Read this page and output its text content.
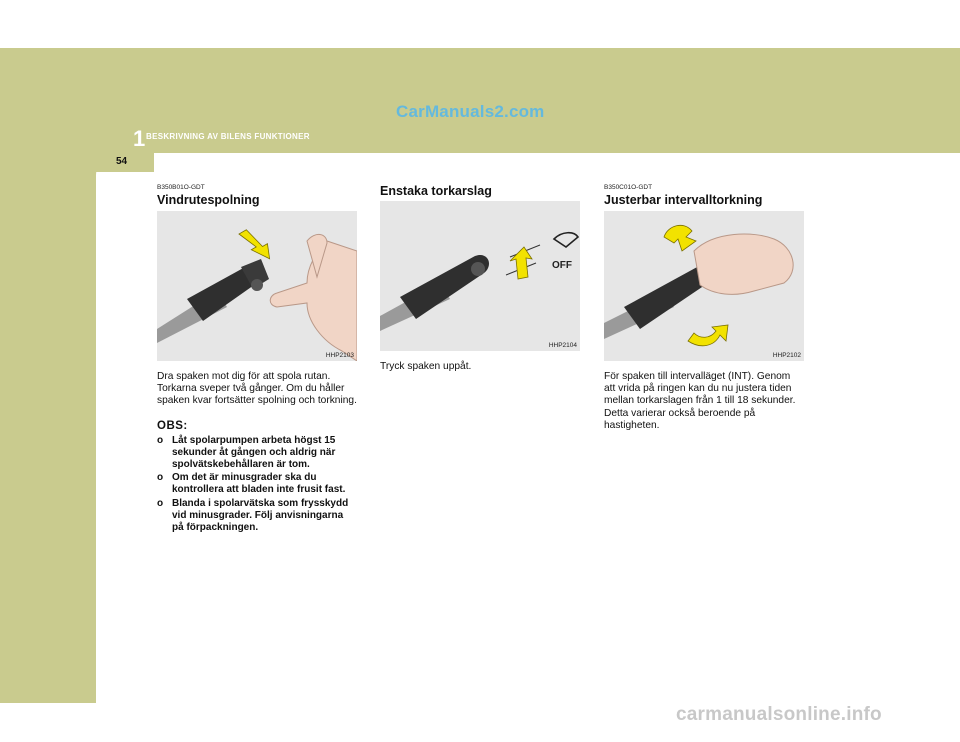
CarManuals2.com
1 BESKRIVNING AV BILENS FUNKTIONER
54
B350B01O-GDT
Vindrutespolning
HHP2103

Dra spaken mot dig för att spola rutan. Torkarna sveper två gånger. Om du håller spaken kvar fortsätter spolning och torkning.

OBS:
o Låt spolarpumpen arbeta högst 15 sekunder åt gången och aldrig när spolvätskebehållaren är tom.
o Om det är minusgrader ska du kontrollera att bladen inte frusit fast.
o Blanda i spolarvätska som frysskydd vid minusgrader. Följ anvisningarna på förpackningen.
Enstaka torkarslag
OFF
HHP2104

Tryck spaken uppåt.

B350C01O-GDT
Justerbar intervalltorkning
HHP2102

För spaken till intervalläget (INT). Genom att vrida på ringen kan du nu justera tiden mellan torkarslagen från 1 till 18 sekunder. Detta varierar också beroende på hastigheten.

carmanualsonline.info
